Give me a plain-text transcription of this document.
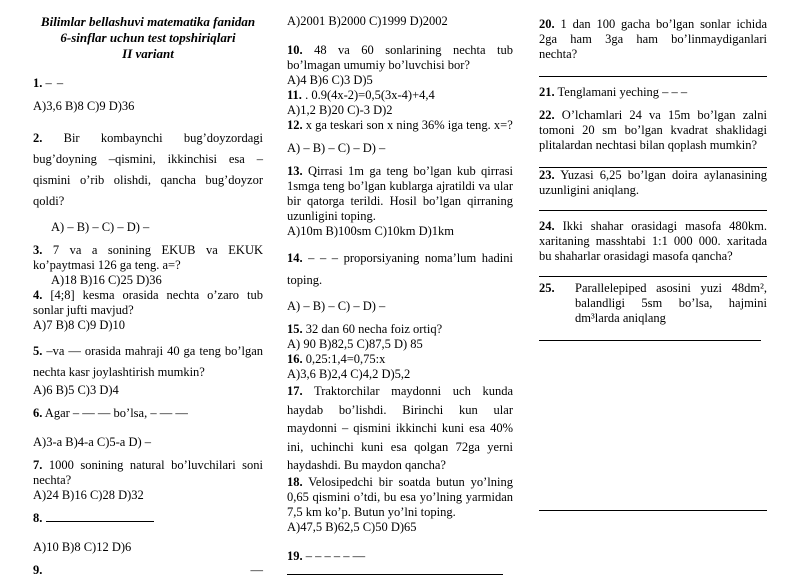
Bilimlar bellashuvi matematika fanidan
6-sinflar uchun test topshiriqlari
II variant

1. – –

A)3,6 B)8 C)9 D)36

2. Bir kombaynchi bug’doyzordagi bug’doyning –qismini, ikkinchisi esa – qismini o’rib olishdi, qancha bug’doyzor qoldi?

A) – B) – C) – D) –

3. 7 va a sonining EKUB va EKUK ko’paytmasi 126 ga teng. a=?

A)18 B)16 C)25 D)36

4. [4;8] kesma orasida nechta o’zaro tub sonlar jufti mavjud?

A)7 B)8 C)9 D)10

5. –va — orasida mahraji 40 ga teng bo’lgan nechta kasr joylashtirish mumkin?

A)6 B)5 C)3 D)4

6. Agar – — — bo’lsa, – — —

A)3-a B)4-a C)5-a D) –

7. 1000 sonining natural bo’luvchilari soni nechta?

A)24 B)16 C)28 D)32

8.

A)10 B)8 C)12 D)6

9.	—

A)2001 B)2000 C)1999 D)2002

10. 48 va 60 sonlarining nechta tub bo’lmagan umumiy bo’luvchisi bor?

A)4 B)6 C)3 D)5

11. . 0.9(4x-2)=0,5(3x-4)+4,4

A)1,2 B)20 C)-3 D)2

12. x ga teskari son x ning 36% iga teng. x=?

A) – B) – C) – D) –

13. Qirrasi 1m ga teng bo’lgan kub qirrasi 1smga teng bo’lgan kublarga ajratildi va ular bir qatorga terildi. Hosil bo’lgan qirraning uzunligini toping.

A)10m B)100sm C)10km D)1km

14. – – – proporsiyaning noma’lum hadini toping.

A) – B) – C) – D) –

15. 32 dan 60 necha foiz ortiq?

A) 90 B)82,5 C)87,5 D) 85

16. 0,25:1,4=0,75:x

A)3,6 B)2,4 C)4,2 D)5,2

17. Traktorchilar maydonni uch kunda haydab bo’lishdi. Birinchi kun ular maydonni – qismini ikkinchi kuni esa 40% ini, uchinchi kuni esa qolgan 72ga yerni haydashdi. Bu maydon qancha?

18. Velosipedchi bir soatda butun yo’lning 0,65 qismini o’tdi, bu esa yo’lning yarmidan 7,5 km ko’p. Butun yo’lni toping.

A)47,5 B)62,5 C)50 D)65

19. – – – – – —

20. 1 dan 100 gacha bo’lgan sonlar ichida 2ga ham 3ga ham bo’linmaydiganlari nechta?

21. Tenglamani yeching – – –

22. O’lchamlari 24 va 15m bo’lgan zalni tomoni 20 sm bo’lgan kvadrat shaklidagi plitalardan nechtasi bilan qoplash mumkin?

23. Yuzasi 6,25 bo’lgan doira aylanasining uzunligini aniqlang.

24. Ikki shahar orasidagi masofa 480km. xaritaning masshtabi 1:1 000 000. xaritada bu shaharlar orasidagi masofa qancha?

25.	Parallelepiped asosini yuzi 48dm², balandligi 5sm bo’lsa, hajmini dm³larda aniqlang
